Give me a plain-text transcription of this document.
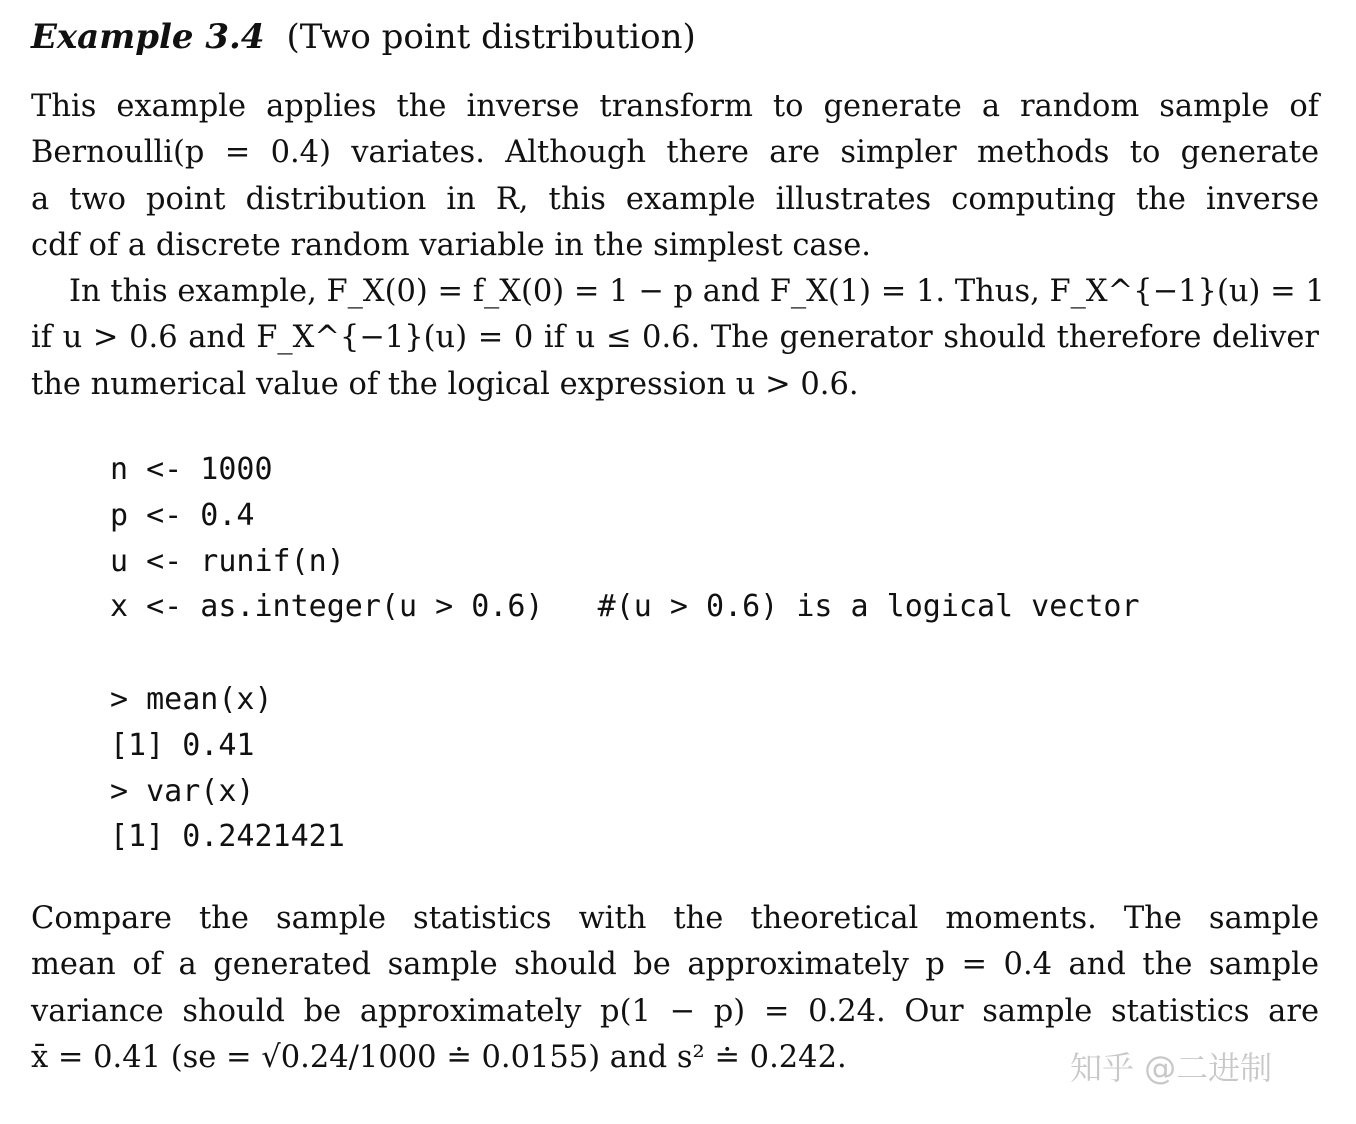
Example 3.4 (Two point distribution)
This example applies the inverse transform to generate a random sample of
Bernoulli(p = 0.4) variates. Although there are simpler methods to generate
a two point distribution in R, this example illustrates computing the inverse
cdf of a discrete random variable in the simplest case.
In this example, F_X(0) = f_X(0) = 1 − p and F_X(1) = 1. Thus, F_X^{−1}(u) = 1
if u > 0.6 and F_X^{−1}(u) = 0 if u ≤ 0.6. The generator should therefore deliver
the numerical value of the logical expression u > 0.6.
n <- 1000
p <- 0.4
u <- runif(n)
x <- as.integer(u > 0.6)   #(u > 0.6) is a logical vector
> mean(x)
[1] 0.41
> var(x)
[1] 0.2421421
Compare the sample statistics with the theoretical moments. The sample
mean of a generated sample should be approximately p = 0.4 and the sample
variance should be approximately p(1 − p) = 0.24. Our sample statistics are
x̄ = 0.41 (se = √0.24/1000 ≐ 0.0155) and s² ≐ 0.242.	知乎 @二进制
